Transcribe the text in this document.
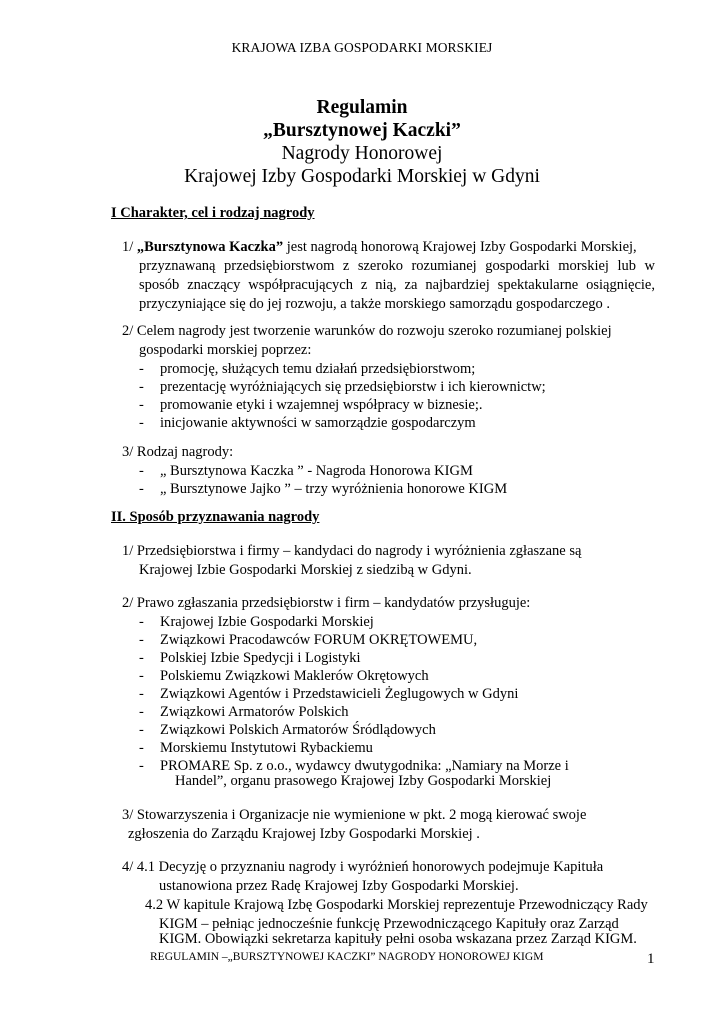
KRAJOWA IZBA GOSPODARKI MORSKIEJ
Regulamin
„Bursztynowej Kaczki”
Nagrody Honorowej
Krajowej Izby Gospodarki Morskiej w Gdyni
I Charakter, cel i rodzaj nagrody
1/ „Bursztynowa Kaczka” jest nagrodą honorową Krajowej Izby Gospodarki Morskiej,
przyznawaną przedsiębiorstwom z szeroko rozumianej gospodarki morskiej lub w sposób znaczący współpracujących z nią, za najbardziej spektakularne osiągnięcie, przyczyniające się do jej rozwoju, a także morskiego samorządu gospodarczego .
2/ Celem nagrody jest tworzenie warunków do rozwoju szeroko rozumianej polskiej
gospodarki morskiej poprzez:
- promocję, służących temu działań przedsiębiorstwom;
- prezentację wyróżniających się przedsiębiorstw i ich kierownictw;
- promowanie etyki i wzajemnej współpracy w biznesie;.
- inicjowanie aktywności w samorządzie gospodarczym
3/ Rodzaj nagrody:
- „ Bursztynowa Kaczka ” - Nagroda Honorowa KIGM
- „ Bursztynowe Jajko ” – trzy wyróżnienia honorowe KIGM
II. Sposób przyznawania nagrody
1/ Przedsiębiorstwa i firmy – kandydaci do nagrody i wyróżnienia zgłaszane są
Krajowej Izbie Gospodarki Morskiej z siedzibą w Gdyni.
2/ Prawo zgłaszania przedsiębiorstw i firm – kandydatów przysługuje:
- Krajowej Izbie Gospodarki Morskiej
- Związkowi Pracodawców FORUM OKRĘTOWEMU,
- Polskiej Izbie Spedycji i Logistyki
- Polskiemu Związkowi Maklerów Okrętowych
- Związkowi Agentów i Przedstawicieli Żeglugowych w Gdyni
- Związkowi Armatorów Polskich
- Związkowi Polskich Armatorów Śródlądowych
- Morskiemu Instytutowi Rybackiemu
- PROMARE Sp. z o.o., wydawcy dwutygodnika: „Namiary na Morze i
Handel”, organu prasowego Krajowej Izby Gospodarki Morskiej
3/ Stowarzyszenia i Organizacje nie wymienione w pkt. 2 mogą kierować swoje
zgłoszenia do Zarządu Krajowej Izby Gospodarki Morskiej .
4/ 4.1 Decyzję o przyznaniu nagrody i wyróżnień honorowych podejmuje Kapituła
ustanowiona przez Radę Krajowej Izby Gospodarki Morskiej.
4.2 W kapitule Krajową Izbę Gospodarki Morskiej reprezentuje Przewodniczący Rady
KIGM – pełniąc jednocześnie funkcję Przewodniczącego Kapituły oraz Zarząd
KIGM. Obowiązki sekretarza kapituły pełni osoba wskazana przez Zarząd KIGM.
REGULAMIN –„BURSZTYNOWEJ KACZKI” NAGRODY HONOROWEJ KIGM	1
